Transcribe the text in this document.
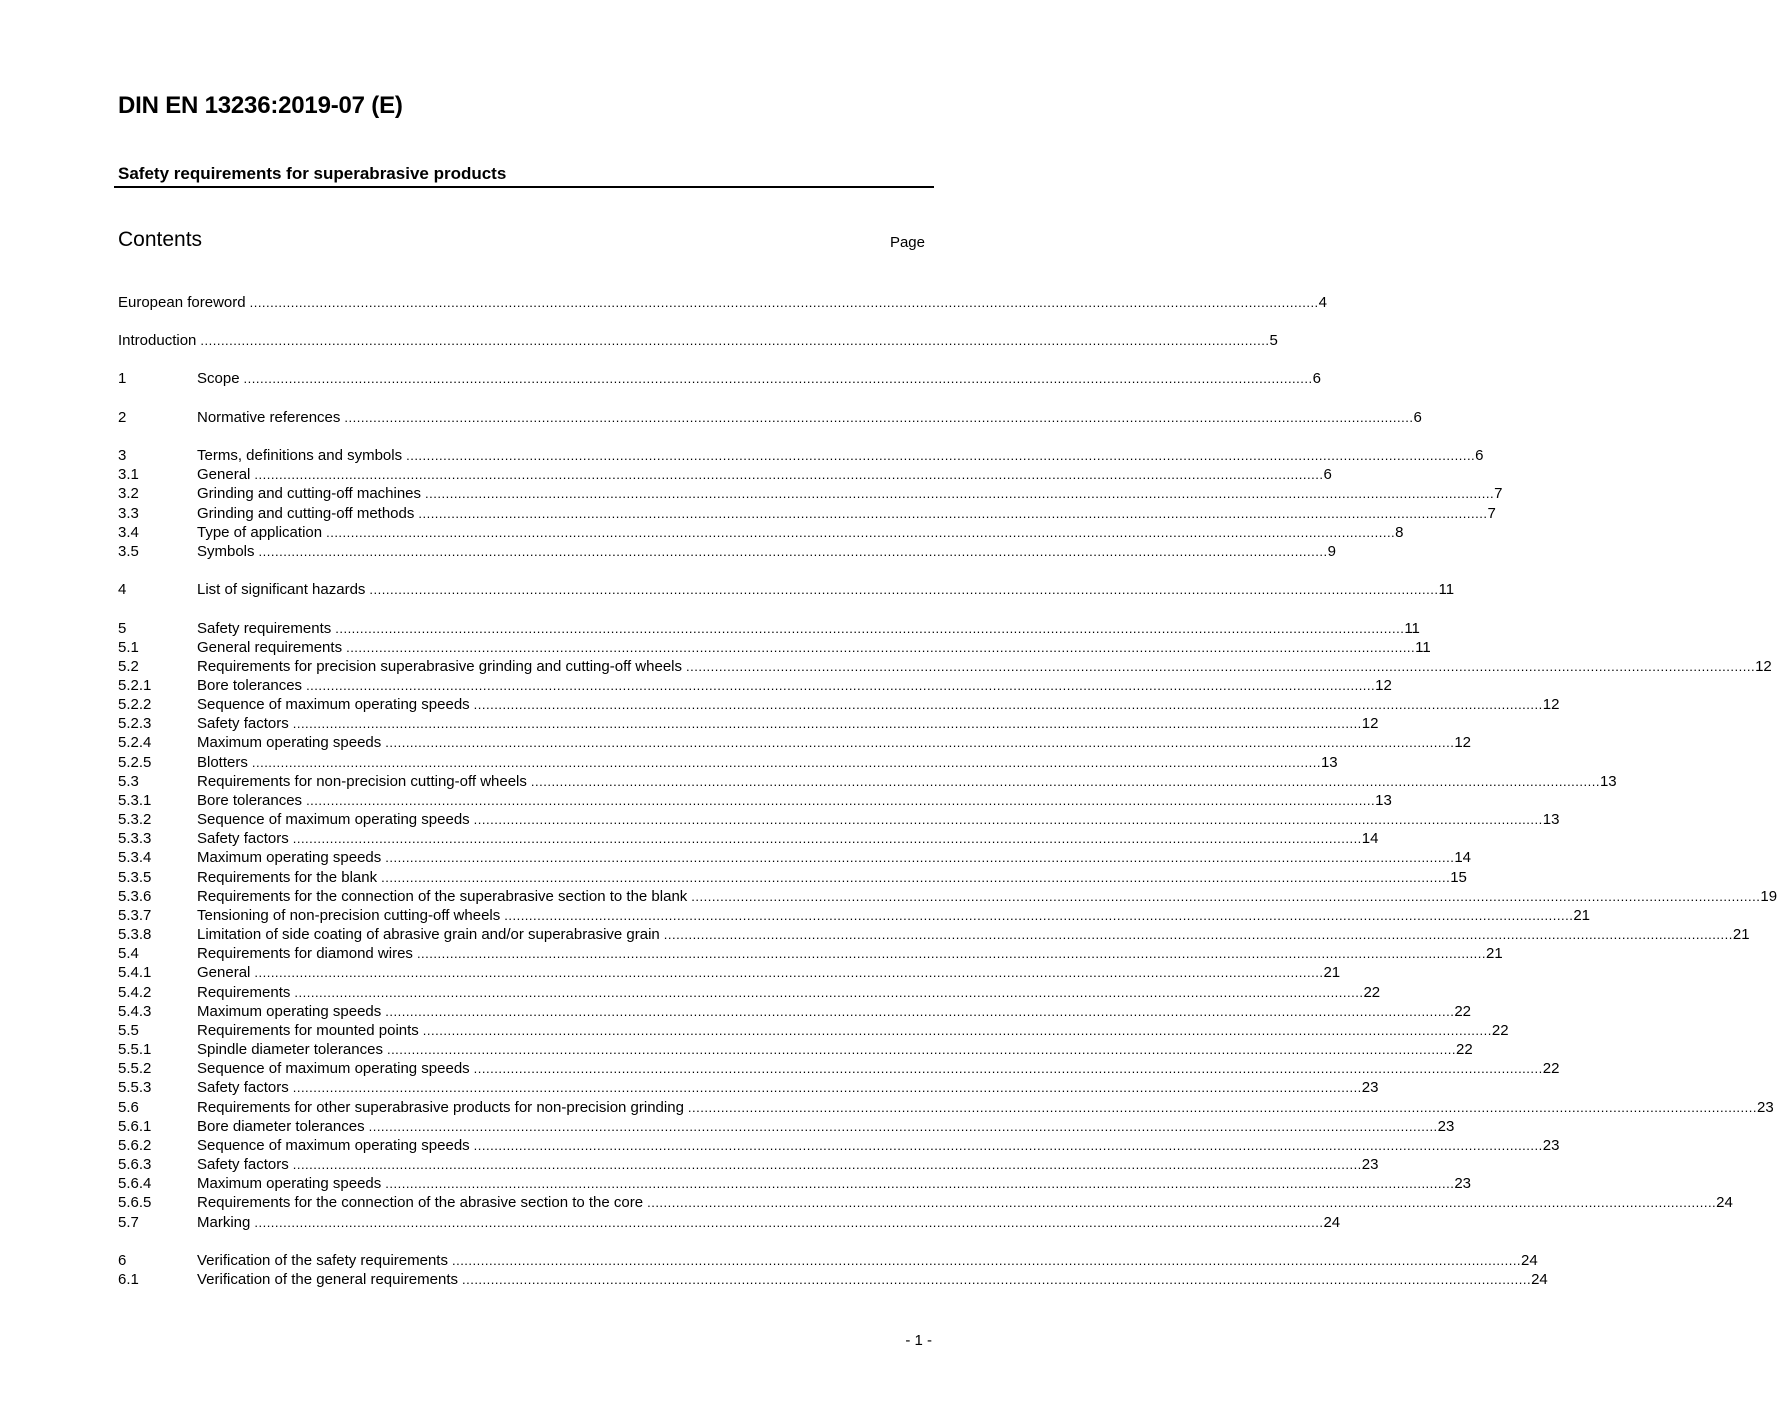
DIN EN 13236:2019-07 (E)
Safety requirements for superabrasive products
Contents	Page
European foreword .................................................................................................................................................................................................................................................................... 4
Introduction .................................................................................................................................................................................................................................................................... 5
1	Scope .................................................................................................................................................................................................................................................................... 6
2	Normative references .................................................................................................................................................................................................................................................................... 6
3	Terms, definitions and symbols .................................................................................................................................................................................................................................................................... 6
3.1	General .................................................................................................................................................................................................................................................................... 6
3.2	Grinding and cutting-off machines .................................................................................................................................................................................................................................................................... 7
3.3	Grinding and cutting-off methods .................................................................................................................................................................................................................................................................... 7
3.4	Type of application .................................................................................................................................................................................................................................................................... 8
3.5	Symbols .................................................................................................................................................................................................................................................................... 9
4	List of significant hazards .................................................................................................................................................................................................................................................................... 11
5	Safety requirements .................................................................................................................................................................................................................................................................... 11
5.1	General requirements .................................................................................................................................................................................................................................................................... 11
5.2	Requirements for precision superabrasive grinding and cutting-off wheels .................................................................................................................................................................................................................................................................... 12
5.2.1	Bore tolerances .................................................................................................................................................................................................................................................................... 12
5.2.2	Sequence of maximum operating speeds .................................................................................................................................................................................................................................................................... 12
5.2.3	Safety factors .................................................................................................................................................................................................................................................................... 12
5.2.4	Maximum operating speeds .................................................................................................................................................................................................................................................................... 12
5.2.5	Blotters .................................................................................................................................................................................................................................................................... 13
5.3	Requirements for non-precision cutting-off wheels .................................................................................................................................................................................................................................................................... 13
5.3.1	Bore tolerances .................................................................................................................................................................................................................................................................... 13
5.3.2	Sequence of maximum operating speeds .................................................................................................................................................................................................................................................................... 13
5.3.3	Safety factors .................................................................................................................................................................................................................................................................... 14
5.3.4	Maximum operating speeds .................................................................................................................................................................................................................................................................... 14
5.3.5	Requirements for the blank .................................................................................................................................................................................................................................................................... 15
5.3.6	Requirements for the connection of the superabrasive section to the blank .................................................................................................................................................................................................................................................................... 19
5.3.7	Tensioning of non-precision cutting-off wheels .................................................................................................................................................................................................................................................................... 21
5.3.8	Limitation of side coating of abrasive grain and/or superabrasive grain .................................................................................................................................................................................................................................................................... 21
5.4	Requirements for diamond wires .................................................................................................................................................................................................................................................................... 21
5.4.1	General .................................................................................................................................................................................................................................................................... 21
5.4.2	Requirements .................................................................................................................................................................................................................................................................... 22
5.4.3	Maximum operating speeds .................................................................................................................................................................................................................................................................... 22
5.5	Requirements for mounted points .................................................................................................................................................................................................................................................................... 22
5.5.1	Spindle diameter tolerances .................................................................................................................................................................................................................................................................... 22
5.5.2	Sequence of maximum operating speeds .................................................................................................................................................................................................................................................................... 22
5.5.3	Safety factors .................................................................................................................................................................................................................................................................... 23
5.6	Requirements for other superabrasive products for non-precision grinding .................................................................................................................................................................................................................................................................... 23
5.6.1	Bore diameter tolerances .................................................................................................................................................................................................................................................................... 23
5.6.2	Sequence of maximum operating speeds .................................................................................................................................................................................................................................................................... 23
5.6.3	Safety factors .................................................................................................................................................................................................................................................................... 23
5.6.4	Maximum operating speeds .................................................................................................................................................................................................................................................................... 23
5.6.5	Requirements for the connection of the abrasive section to the core .................................................................................................................................................................................................................................................................... 24
5.7	Marking .................................................................................................................................................................................................................................................................... 24
6	Verification of the safety requirements .................................................................................................................................................................................................................................................................... 24
6.1	Verification of the general requirements .................................................................................................................................................................................................................................................................... 24
- 1 -
